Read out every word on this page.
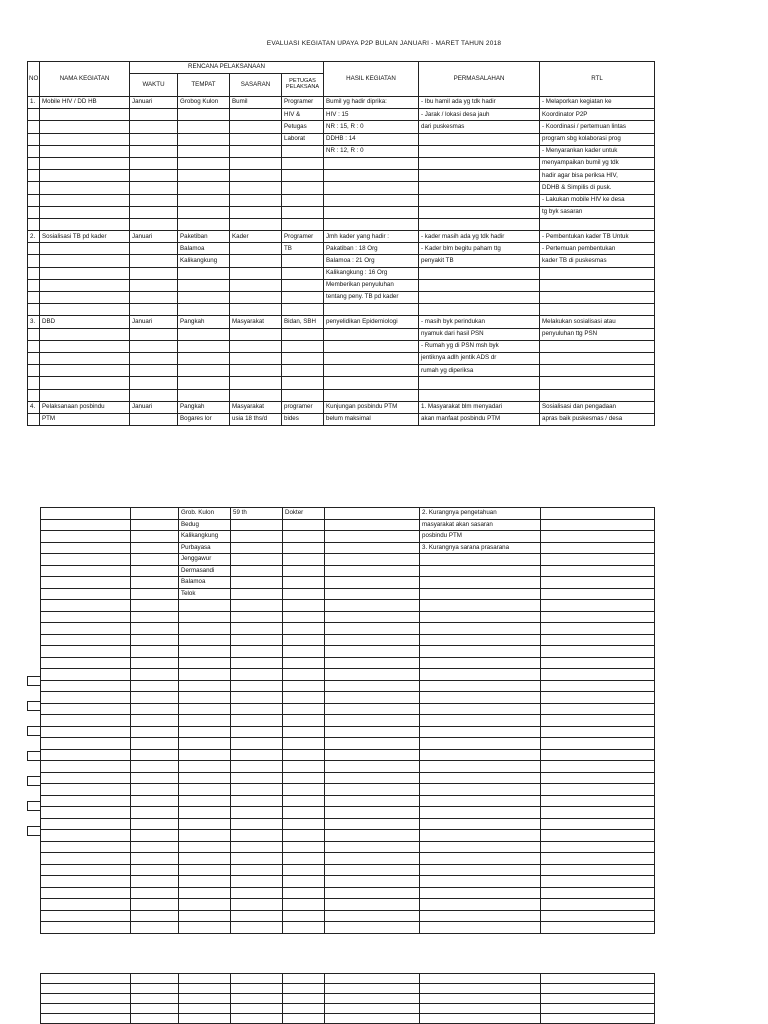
EVALUASI KEGIATAN UPAYA P2P BULAN JANUARI - MARET TAHUN 2018
NO	NAMA KEGIATAN	RENCANA PELAKSANAAN				HASIL KEGIATAN	PERMASALAHAN	RTL
		WAKTU	TEMPAT	SASARAN	PETUGAS PELAKSANA			
1.	Mobile HIV / DD HB	Januari	Grobog Kulon	Bumil	Programer	Bumil yg hadir diprika:	- Ibu hamil ada yg tdk hadir	- Melaporkan kegiatan ke
					HIV &	HIV : 15	- Jarak / lokasi desa jauh	Koordinator P2P
					Petugas	NR : 15, R : 0	dari puskesmas	- Koordinasi / pertemuan lintas
					Laborat	DDHB : 14		program sbg kolaborasi prog
						NR : 12, R : 0		- Menyarankan kader untuk
								menyampaikan bumil yg tdk
								hadir agar bisa periksa HIV,
								DDHB & Simpilis di pusk.
								- Lakukan mobile HIV ke desa
								tg byk sasaran

2.	Sosialisasi TB pd kader	Januari	Paketiban	Kader	Programer	Jmh kader yang hadir :	- kader masih ada yg tdk hadir	- Pembentukan kader TB Untuk
			Balamoa		TB	Pakatiban : 18 Org	- Kader blm begitu paham ttg	- Pertemuan pembentukan
			Kalikangkung			Balamoa : 21 Org	penyakit TB	kader TB di puskesmas
						Kalikangkung : 16 Org		
						Memberikan penyuluhan		
						tentang peny. TB pd kader		

3.	DBD	Januari	Pangkah	Masyarakat	Bidan, SBH	penyelidikan Epidemiologi	- masih byk perindukan	Melakukan sosialisasi atau
							nyamuk dari hasil PSN	penyuluhan ttg PSN
							- Rumah yg di PSN msh byk	
							jentiknya adlh jentik ADS dr	
							rumah yg diperiksa	

4.	Pelaksanaan posbindu	Januari	Pangkah	Masyarakat	programer	Kunjungan posbindu PTM	1. Masyarakat blm menyadari	Sosialisasi dan pengadaan
	PTM		Bogares lor	usia 18 ths/d	bides	belum maksimal	akan manfaat posbindu PTM	apras baik puskesmas / desa
		Grob. Kulon	59 th	Dokter		2. Kurangnya pengetahuan	
		Bedug				masyarakat akan sasaran	
		Kalikangkung				posbindu PTM	
		Purbayasa				3. Kurangnya sarana prasarana	
		Jenggawur					
		Dermasandi					
		Balamoa					
		Telok					
